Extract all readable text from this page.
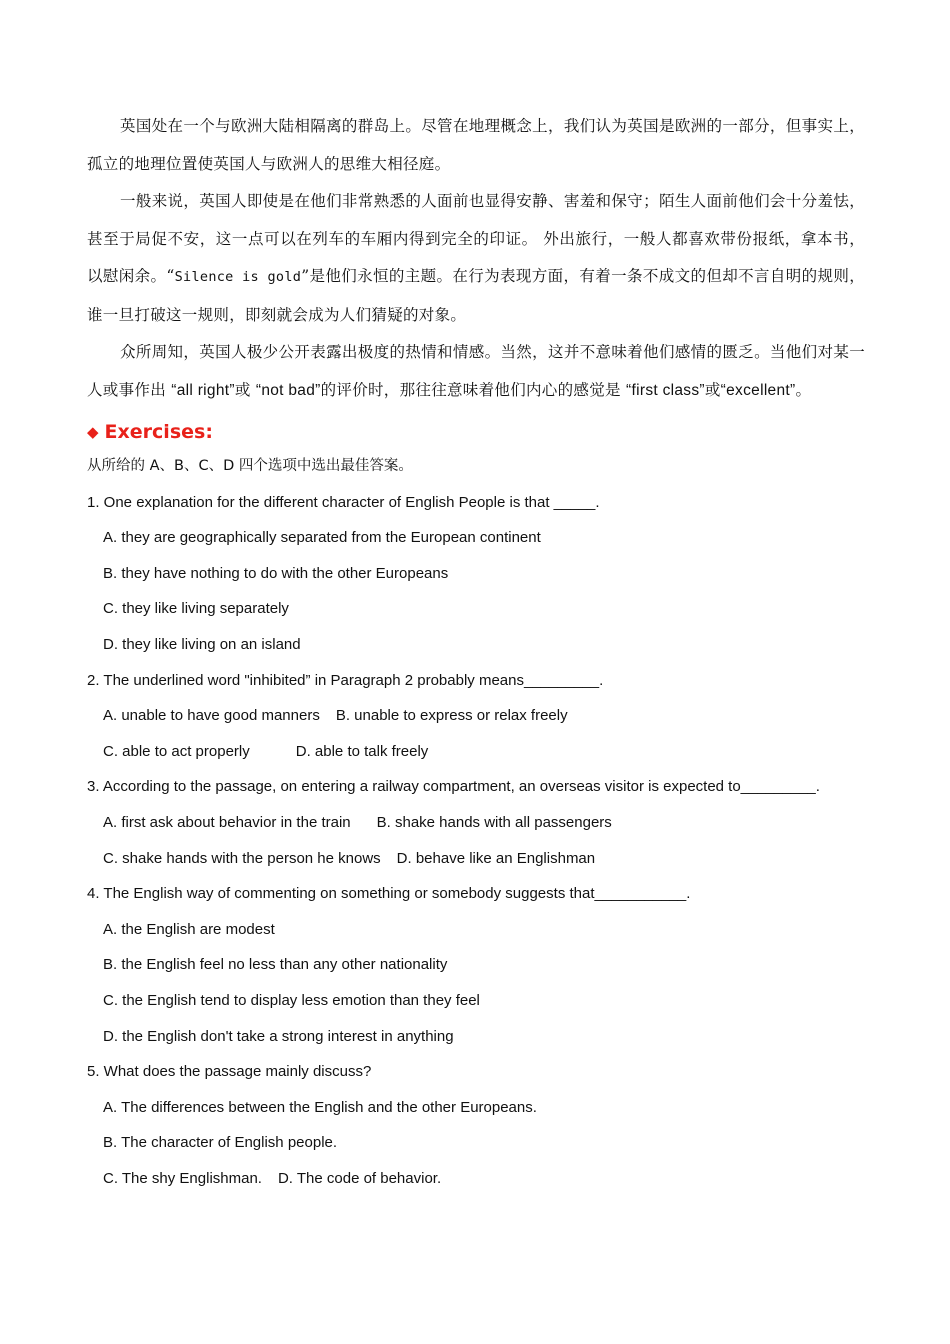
英国处在一个与欧洲大陆相隔离的群岛上。尽管在地理概念上，我们认为英国是欧洲的一部分，但事实上，孤立的地理位置使英国人与欧洲人的思维大相径庭。

一般来说，英国人即使是在他们非常熟悉的人面前也显得安静、害羞和保守；陌生人面前他们会十分羞怯，甚至于局促不安，这一点可以在列车的车厢内得到完全的印证。 外出旅行，一般人都喜欢带份报纸，拿本书，以慰闲余。“Silence is gold”是他们永恒的主题。在行为表现方面，有着一条不成文的但却不言自明的规则，谁一旦打破这一规则，即刻就会成为人们猜疑的对象。

众所周知，英国人极少公开表露出极度的热情和情感。当然，这并不意味着他们感情的匮乏。当他们对某一人或事作出 “all right”或 “not bad”的评价时，那往往意味着他们内心的感觉是 “first class”或“excellent”。

◆ Exercises:
从所给的 A、B、C、D 四个选项中选出最佳答案。
1. One explanation for the different character of English People is that _____.
A. they are geographically separated from the European continent
B. they have nothing to do with the other Europeans
C. they like living separately
D. they like living on an island
2. The underlined word "inhibited” in Paragraph 2 probably means_________.
A. unable to have good manners B. unable to express or relax freely
C. able to act properly	D. able to talk freely
3. According to the passage, on entering a railway compartment, an overseas visitor is expected to_________.
A. first ask about behavior in the train B. shake hands with all passengers
C. shake hands with the person he knows D. behave like an Englishman
4. The English way of commenting on something or somebody suggests that___________.
A. the English are modest
B. the English feel no less than any other nationality
C. the English tend to display less emotion than they feel
D. the English don't take a strong interest in anything
5. What does the passage mainly discuss?
A. The differences between the English and the other Europeans.
B. The character of English people.
C. The shy Englishman. D. The code of behavior.
